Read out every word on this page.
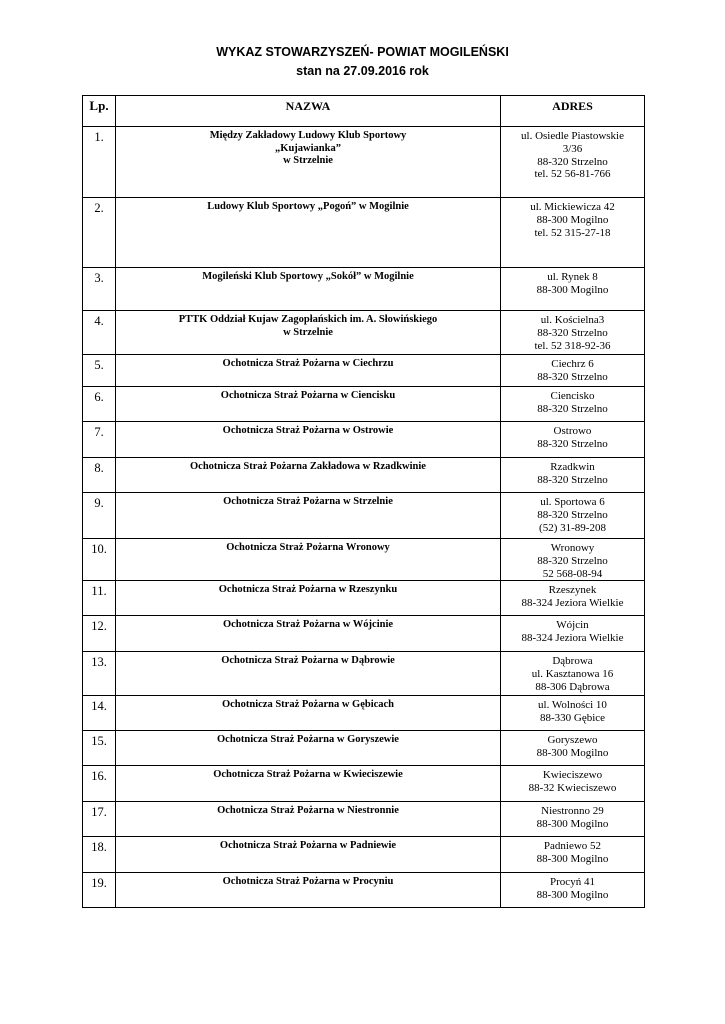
WYKAZ STOWARZYSZEŃ- POWIAT MOGILEŃSKI
stan na 27.09.2016 rok
Lp.	NAZWA	ADRES
1.	Między Zakładowy Ludowy Klub Sportowy
„Kujawianka”
w Strzelnie	ul. Osiedle Piastowskie
3/36
88-320 Strzelno
tel. 52 56-81-766

2.	Ludowy Klub Sportowy „Pogoń” w Mogilnie	ul. Mickiewicza 42
88-300 Mogilno
tel. 52 315-27-18

3.	Mogileński Klub Sportowy „Sokół” w Mogilnie	ul. Rynek 8
88-300 Mogilno

4.	PTTK Oddział Kujaw Zagopłańskich im. A. Słowińskiego
w Strzelnie	ul. Kościelna3
88-320 Strzelno
tel. 52 318-92-36

5.	Ochotnicza Straż Pożarna w Ciechrzu	Ciechrz 6
88-320 Strzelno

6.	Ochotnicza Straż Pożarna w Ciencisku	Ciencisko
88-320 Strzelno

7.	Ochotnicza Straż Pożarna w Ostrowie	Ostrowo
88-320 Strzelno

8.	Ochotnicza Straż Pożarna Zakładowa w Rzadkwinie	Rzadkwin
88-320 Strzelno

9.	Ochotnicza Straż Pożarna w Strzelnie	ul. Sportowa 6
88-320 Strzelno
(52) 31-89-208

10.	Ochotnicza Straż Pożarna Wronowy	Wronowy
88-320 Strzelno
52 568-08-94

11.	Ochotnicza Straż Pożarna w Rzeszynku	Rzeszynek
88-324 Jeziora Wielkie

12.	Ochotnicza Straż Pożarna w Wójcinie	Wójcin
88-324 Jeziora Wielkie

13.	Ochotnicza Straż Pożarna w Dąbrowie	Dąbrowa
ul. Kasztanowa 16
88-306 Dąbrowa

14.	Ochotnicza Straż Pożarna w Gębicach	ul. Wolności 10
88-330 Gębice

15.	Ochotnicza Straż Pożarna w Goryszewie	Goryszewo
88-300 Mogilno

16.	Ochotnicza Straż Pożarna w Kwieciszewie	Kwieciszewo
88-32 Kwieciszewo

17.	Ochotnicza Straż Pożarna w Niestronnie	Niestronno 29
88-300 Mogilno

18.	Ochotnicza Straż Pożarna w Padniewie	Padniewo 52
88-300 Mogilno

19.	Ochotnicza Straż Pożarna w Procyniu	Procyń 41
88-300 Mogilno
